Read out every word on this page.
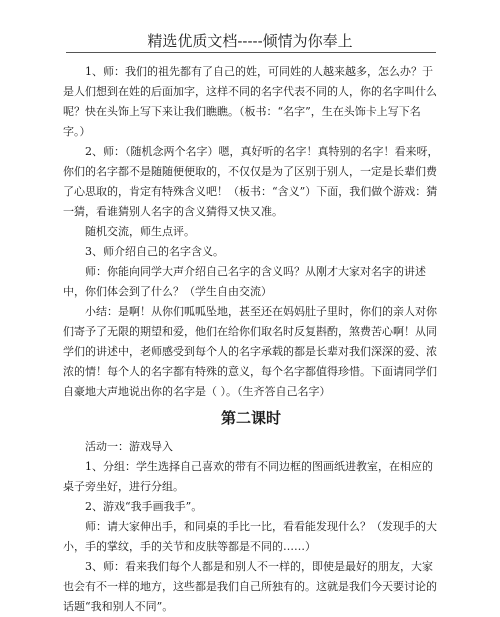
精选优质文档-----倾情为你奉上

1、师：我们的祖先都有了自己的姓，可同姓的人越来越多，怎么办？于是人们想到在姓的后面加字，这样不同的名字代表不同的人，你的名字叫什么呢？快在头饰上写下来让我们瞧瞧。（板书：“名字”，生在头饰卡上写下名字。）

2、师：（随机念两个名字）嗯，真好听的名字！真特别的名字！看来呀，你们的名字都不是随随便便取的，不仅仅是为了区别于别人，一定是长辈们费了心思取的，肯定有特殊含义吧！（板书：“含义”）下面，我们做个游戏：猜一猜，看谁猜别人名字的含义猜得又快又准。

随机交流，师生点评。

3、师介绍自己的名字含义。

师：你能向同学大声介绍自己名字的含义吗？从刚才大家对名字的讲述中，你们体会到了什么？（学生自由交流）

小结：是啊！从你们呱呱坠地，甚至还在妈妈肚子里时，你们的亲人对你们寄予了无限的期望和爱，他们在给你们取名时反复斟酌，煞费苦心啊！从同学们的讲述中，老师感受到每个人的名字承载的都是长辈对我们深深的爱、浓浓的情！每个人的名字都有特殊的意义，每个名字都值得珍惜。下面请同学们自豪地大声地说出你的名字是（ ）。（生齐答自己名字）

第二课时

活动一：游戏导入

1、分组：学生选择自己喜欢的带有不同边框的图画纸进教室，在相应的桌子旁坐好，进行分组。

2、游戏“我手画我手”。

师：请大家伸出手，和同桌的手比一比，看看能发现什么？（发现手的大小，手的掌纹，手的关节和皮肤等都是不同的……）

3、师：看来我们每个人都是和别人不一样的，即使是最好的朋友，大家也会有不一样的地方，这些都是我们自己所独有的。这就是我们今天要讨论的话题“我和别人不同”。
